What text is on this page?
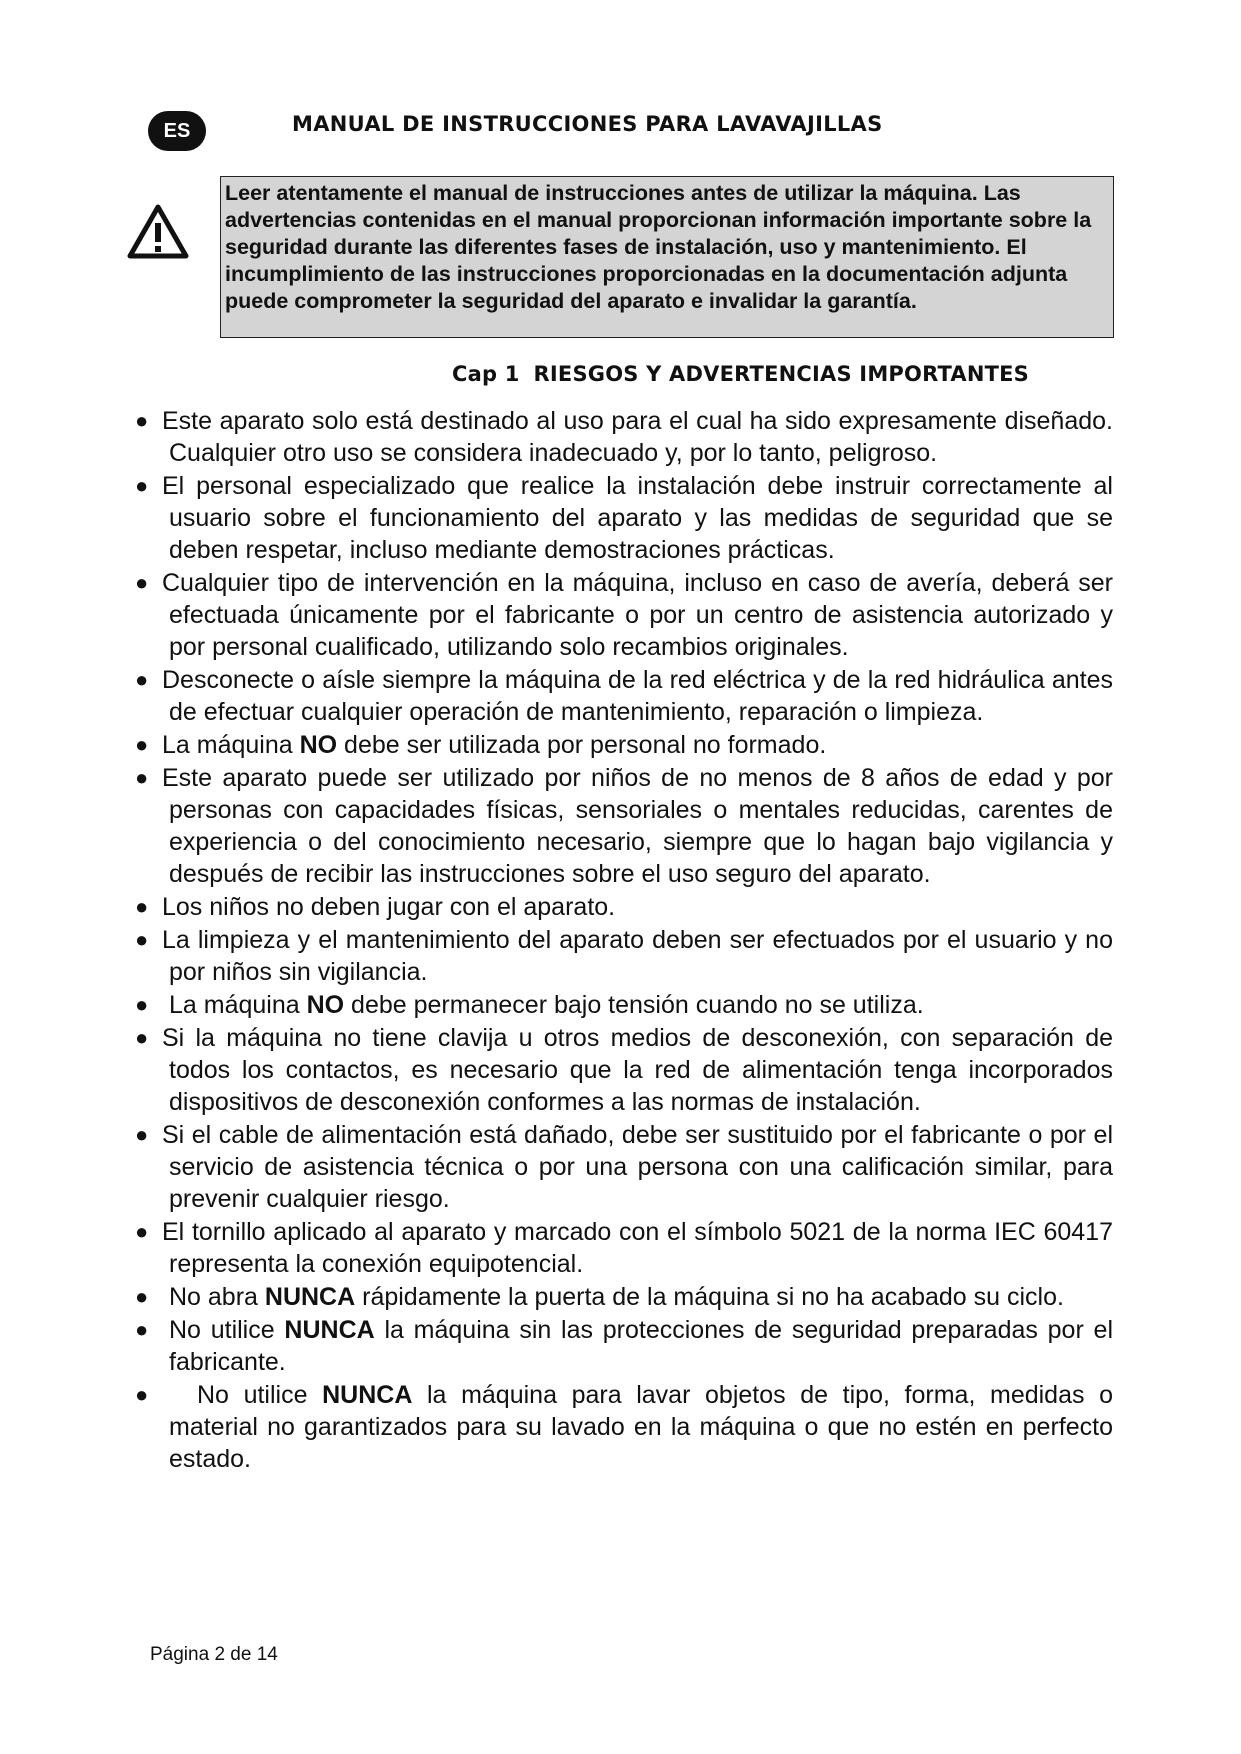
ES	MANUAL DE INSTRUCCIONES PARA LAVAVAJILLAS
Leer atentamente el manual de instrucciones antes de utilizar la máquina. Las advertencias contenidas en el manual proporcionan información importante sobre la seguridad durante las diferentes fases de instalación, uso y mantenimiento. El incumplimiento de las instrucciones proporcionadas en la documentación adjunta puede comprometer la seguridad del aparato e invalidar la garantía.
Cap 1 RIESGOS Y ADVERTENCIAS IMPORTANTES
● Este aparato solo está destinado al uso para el cual ha sido expresamente diseñado. Cualquier otro uso se considera inadecuado y, por lo tanto, peligroso.
● El personal especializado que realice la instalación debe instruir correctamente al usuario sobre el funcionamiento del aparato y las medidas de seguridad que se deben respetar, incluso mediante demostraciones prácticas.
● Cualquier tipo de intervención en la máquina, incluso en caso de avería, deberá ser efectuada únicamente por el fabricante o por un centro de asistencia autorizado y por personal cualificado, utilizando solo recambios originales.
● Desconecte o aísle siempre la máquina de la red eléctrica y de la red hidráulica antes de efectuar cualquier operación de mantenimiento, reparación o limpieza.
● La máquina NO debe ser utilizada por personal no formado.
● Este aparato puede ser utilizado por niños de no menos de 8 años de edad y por personas con capacidades físicas, sensoriales o mentales reducidas, carentes de experiencia o del conocimiento necesario, siempre que lo hagan bajo vigilancia y después de recibir las instrucciones sobre el uso seguro del aparato.
● Los niños no deben jugar con el aparato.
● La limpieza y el mantenimiento del aparato deben ser efectuados por el usuario y no por niños sin vigilancia.
● La máquina NO debe permanecer bajo tensión cuando no se utiliza.
● Si la máquina no tiene clavija u otros medios de desconexión, con separación de todos los contactos, es necesario que la red de alimentación tenga incorporados dispositivos de desconexión conformes a las normas de instalación.
● Si el cable de alimentación está dañado, debe ser sustituido por el fabricante o por el servicio de asistencia técnica o por una persona con una calificación similar, para prevenir cualquier riesgo.
● El tornillo aplicado al aparato y marcado con el símbolo 5021 de la norma IEC 60417 representa la conexión equipotencial.
● No abra NUNCA rápidamente la puerta de la máquina si no ha acabado su ciclo.
● No utilice NUNCA la máquina sin las protecciones de seguridad preparadas por el fabricante.
● No utilice NUNCA la máquina para lavar objetos de tipo, forma, medidas o material no garantizados para su lavado en la máquina o que no estén en perfecto estado.
Página 2 de 14
